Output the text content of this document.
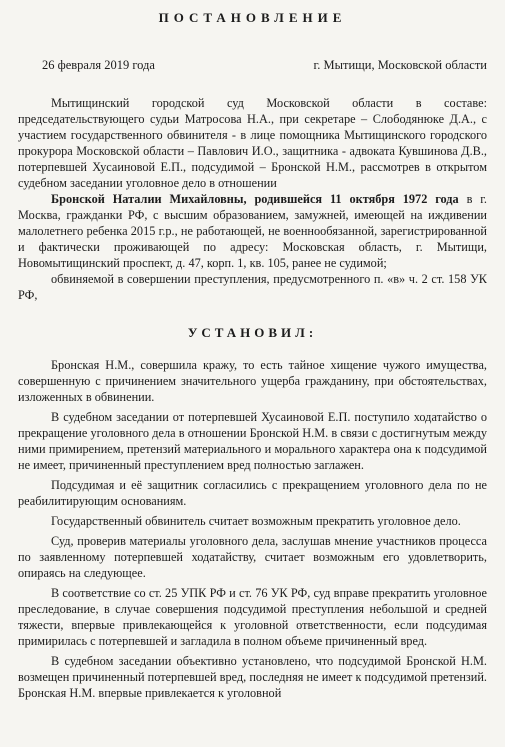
ПОСТАНОВЛЕНИЕ
26 февраля 2019 года	г. Мытищи, Московской области

Мытищинский городской суд Московской области в составе: председательствующего судьи Матросова Н.А., при секретаре – Слободянюке Д.А., с участием государственного обвинителя - в лице помощника Мытищинского городского прокурора Московской области – Павлович И.О., защитника - адвоката Кувшинова Д.В., потерпевшей Хусаиновой Е.П., подсудимой – Бронской Н.М., рассмотрев в открытом судебном заседании уголовное дело в отношении

Бронской Наталии Михайловны, родившейся 11 октября 1972 года в г. Москва, гражданки РФ, с высшим образованием, замужней, имеющей на иждивении малолетнего ребенка 2015 г.р., не работающей, не военнообязанной, зарегистрированной и фактически проживающей по адресу: Московская область, г. Мытищи, Новомытищинский проспект, д. 47, корп. 1, кв. 105, ранее не судимой;

обвиняемой в совершении преступления, предусмотренного п. «в» ч. 2 ст. 158 УК РФ,

УСТАНОВИЛ:

Бронская Н.М., совершила кражу, то есть тайное хищение чужого имущества, совершенную с причинением значительного ущерба гражданину, при обстоятельствах, изложенных в обвинении.

В судебном заседании от потерпевшей Хусаиновой Е.П. поступило ходатайство о прекращение уголовного дела в отношении Бронской Н.М. в связи с достигнутым между ними примирением, претензий материального и морального характера она к подсудимой не имеет, причиненный преступлением вред полностью заглажен.

Подсудимая и её защитник согласились с прекращением уголовного дела по не реабилитирующим основаниям.

Государственный обвинитель считает возможным прекратить уголовное дело.

Суд, проверив материалы уголовного дела, заслушав мнение участников процесса по заявленному потерпевшей ходатайству, считает возможным его удовлетворить, опираясь на следующее.

В соответствие со ст. 25 УПК РФ и ст. 76 УК РФ, суд вправе прекратить уголовное преследование, в случае совершения подсудимой преступления небольшой и средней тяжести, впервые привлекающейся к уголовной ответственности, если подсудимая примирилась с потерпевшей и загладила в полном объеме причиненный вред.

В судебном заседании объективно установлено, что подсудимой Бронской Н.М. возмещен причиненный потерпевшей вред, последняя не имеет к подсудимой претензий. Бронская Н.М. впервые привлекается к уголовной
